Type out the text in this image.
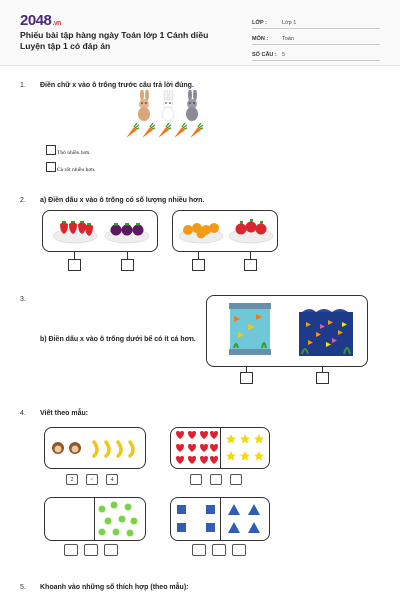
2048.vn
Phiếu bài tập hàng ngày Toán lớp 1 Cánh diều Luyện tập 1 có đáp án
LỚP :	Lớp 1
MÔN :	Toán
SỐ CÂU : 5
1. Điền chữ x vào ô trống trước câu trả lời đúng.
Thỏ nhiều hơn.
Cà rốt nhiều hơn.
2. a) Điền dấu x vào ô trống có số lượng nhiều hơn.
3.
b) Điền dấu x vào ô trống dưới bể có ít cá hơn.
4. Viết theo mẫu:
2	<	4
5. Khoanh vào những số thích hợp (theo mẫu):
